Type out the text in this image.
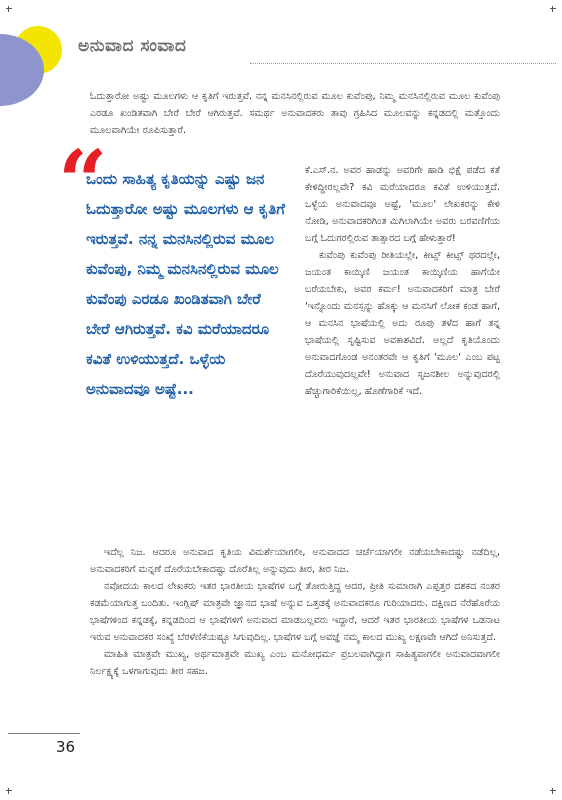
ಅನುವಾದ ಸಂವಾದ

ಓದುತ್ತಾರೋ ಅಷ್ಟು ಮೂಲಗಳು ಆ ಕೃತಿಗೆ ಇರುತ್ತವೆ. ನನ್ನ ಮನಸಿನಲ್ಲಿರುವ ಮೂಲ ಕುವೆಂಪು, ನಿಮ್ಮ ಮನಸಿನಲ್ಲಿರುವ ಮೂಲ ಕುವೆಂಪು ಎರಡೂ ಖಂಡಿತವಾಗಿ ಬೇರೆ ಬೇರೆ ಆಗಿರುತ್ತವೆ. ಸಮರ್ಥ ಅನುವಾದಕರು ತಾವು ಗ್ರಹಿಸಿದ ಮೂಲವನ್ನು ಕನ್ನಡದಲ್ಲಿ ಮತ್ತೊಂದು ಮೂಲವಾಗಿಯೇ ರೂಪಿಸುತ್ತಾರೆ.

“

ಒಂದು ಸಾಹಿತ್ಯ ಕೃತಿಯನ್ನು ಎಷ್ಟು ಜನ ಓದುತ್ತಾರೋ ಅಷ್ಟು ಮೂಲಗಳು ಆ ಕೃತಿಗೆ ಇರುತ್ತವೆ. ನನ್ನ ಮನಸಿನಲ್ಲಿರುವ ಮೂಲ ಕುವೆಂಪು, ನಿಮ್ಮ ಮನಸಿನಲ್ಲಿರುವ ಮೂಲ ಕುವೆಂಪು ಎರಡೂ ಖಂಡಿತವಾಗಿ ಬೇರೆ ಬೇರೆ ಆಗಿರುತ್ತವೆ. ಕವಿ ಮರೆಯಾದರೂ ಕವಿತೆ ಉಳಿಯುತ್ತದೆ. ಒಳ್ಳೆಯ ಅನುವಾದವೂ ಅಷ್ಟೆ...

ಕೆ.ಎಸ್.ನ. ಅವರ ಹಾಡನ್ನು ಅವರಿಗೇ ಹಾಡಿ ಭಿಕ್ಷೆ ಪಡೆದ ಕತೆ ಕೇಳಿದ್ದೀರಲ್ಲವೇ? ಕವಿ ಮರೆಯಾದರೂ ಕವಿತೆ ಉಳಿಯುತ್ತದೆ. ಒಳ್ಳೆಯ ಅನುವಾದವೂ ಅಷ್ಟೆ, 'ಮೂಲ' ಲೇಖಕರನ್ನು ಕೇಳಿ ನೋಡಿ, ಅನುವಾದಕರಿಗಿಂತ ಮಿಗಿಲಾಗಿಯೇ ಅವರು ಬರವಣಿಗೆಯ ಬಗ್ಗೆ ಓದುಗರಲ್ಲಿರುವ ತಾತ್ಸಾರದ ಬಗ್ಗೆ ಹೇಳುತ್ತಾರೆ!

ಕುವೆಂಪು ಕುವೆಂಪು ರೀತಿಯಲ್ಲೇ, ಕೀಟ್ಸ್ ಕೀಟ್ಸ್ ಥರದಲ್ಲೇ, ಜಯಂತ ಕಾಯ್ಕಿಣಿ ಜಯಂತ ಕಾಯ್ಕಿಣಿಯ ಹಾಗೆಯೇ ಬರೆಯಬೇಕು, ಅವರ ಕರ್ಮ! ಅನುವಾದಕರಿಗೆ ಮಾತ್ರ ಬೇರೆ 'ಇನ್ನೊಂದು ಮನಸ್ಸನ್ನು ಹೊಕ್ಕು ಆ ಮನಸಿಗೆ ಲೋಕ ಕಂಡ ಹಾಗೆ, ಆ ಮನಸಿನ ಭಾಷೆಯಲ್ಲಿ ಅದು ರೂಪು ತಳೆದ ಹಾಗೆ ತನ್ನ ಭಾಷೆಯಲ್ಲಿ ಸೃಷ್ಟಿಸುವ ಅವಕಾಶವಿದೆ. ಅಲ್ಲದೆ ಕೃತಿಯೊಂದು ಅನುವಾದಗೊಂಡ ಅನಂತರವೇ ಆ ಕೃತಿಗೆ 'ಮೂಲ' ಎಂಬ ಪಟ್ಟ ದೊರೆಯುವುದಲ್ಲವೇ! ಅನುವಾದ ಸೃಜನಶೀಲ ಅನ್ನುವುದರಲ್ಲಿ ಹೆಚ್ಚುಗಾರಿಕೆಯಿಲ್ಲ, ಹೊಣೆಗಾರಿಕೆ ಇದೆ.

ಇದೆಲ್ಲ ನಿಜ. ಆದರೂ ಅನುವಾದ ಕೃತಿಯ ವಿಮರ್ಶೆಯಾಗಲೀ, ಅನುವಾದದ ಚರ್ಚೆಯಾಗಲೀ ನಡೆಯಬೇಕಾದಷ್ಟು ನಡೆದಿಲ್ಲ, ಅನುವಾದಕರಿಗೆ ಮನ್ನಣೆ ದೊರೆಯಬೇಕಾದಷ್ಟು ದೊರೆತಿಲ್ಲ ಅನ್ನುವುದು ತೀರ, ತೀರ ನಿಜ.

ನವೋದಯ ಕಾಲದ ಲೇಖಕರು ಇತರ ಭಾರತೀಯ ಭಾಷೆಗಳ ಬಗ್ಗೆ ತೋರುತ್ತಿದ್ದ ಆದರ, ಪ್ರೀತಿ ಸುಮಾರಾಗಿ ಎಪ್ಪತ್ತರ ದಶಕದ ನಂತರ ಕಡಮೆಯಾಗುತ್ತ ಬಂದಿತು. ಇಂಗ್ಲಿಷ್ ಮಾತ್ರವೇ ಜ್ಞಾನದ ಭಾಷೆ ಅನ್ನುವ ಒತ್ತಡಕ್ಕೆ ಅನುವಾದಕರೂ ಗುರಿಯಾದರು. ದಕ್ಷಿಣದ ನೆರೆಹೊರೆಯ ಭಾಷೆಗಳಿಂದ ಕನ್ನಡಕ್ಕೆ, ಕನ್ನಡದಿಂದ ಆ ಭಾಷೆಗಳಿಗೆ ಅನುವಾದ ಮಾಡಬಲ್ಲವರು ಇದ್ದಾರೆ, ಆದರೆ ಇತರ ಭಾರತೀಯ ಭಾಷೆಗಳ ಒಡನಾಟ ಇರುವ ಅನುವಾದಕರ ಸಂಖ್ಯೆ ಬೆರಳೆಣಿಕೆಯಷ್ಟೂ ಸಿಗುವುದಿಲ್ಲ. ಭಾಷೆಗಳ ಬಗ್ಗೆ ಅವಜ್ಞೆ ನಮ್ಮ ಕಾಲದ ಮುಖ್ಯ ಲಕ್ಷಣವೇ ಆಗಿದೆ ಅನಿಸುತ್ತದೆ.

ಮಾಹಿತಿ ಮಾತ್ರವೇ ಮುಖ್ಯ, ಅರ್ಥಮಾತ್ರವೇ ಮುಖ್ಯ ಎಂಬ ಮನೋಧರ್ಮ ಪ್ರಬಲವಾಗಿದ್ದಾಗ ಸಾಹಿತ್ಯವಾಗಲೀ ಅನುವಾದವಾಗಲೀ ನಿರ್ಲಕ್ಷ್ಯಕ್ಕೆ ಒಳಗಾಗುವುದು ತೀರ ಸಹಜ.

36
